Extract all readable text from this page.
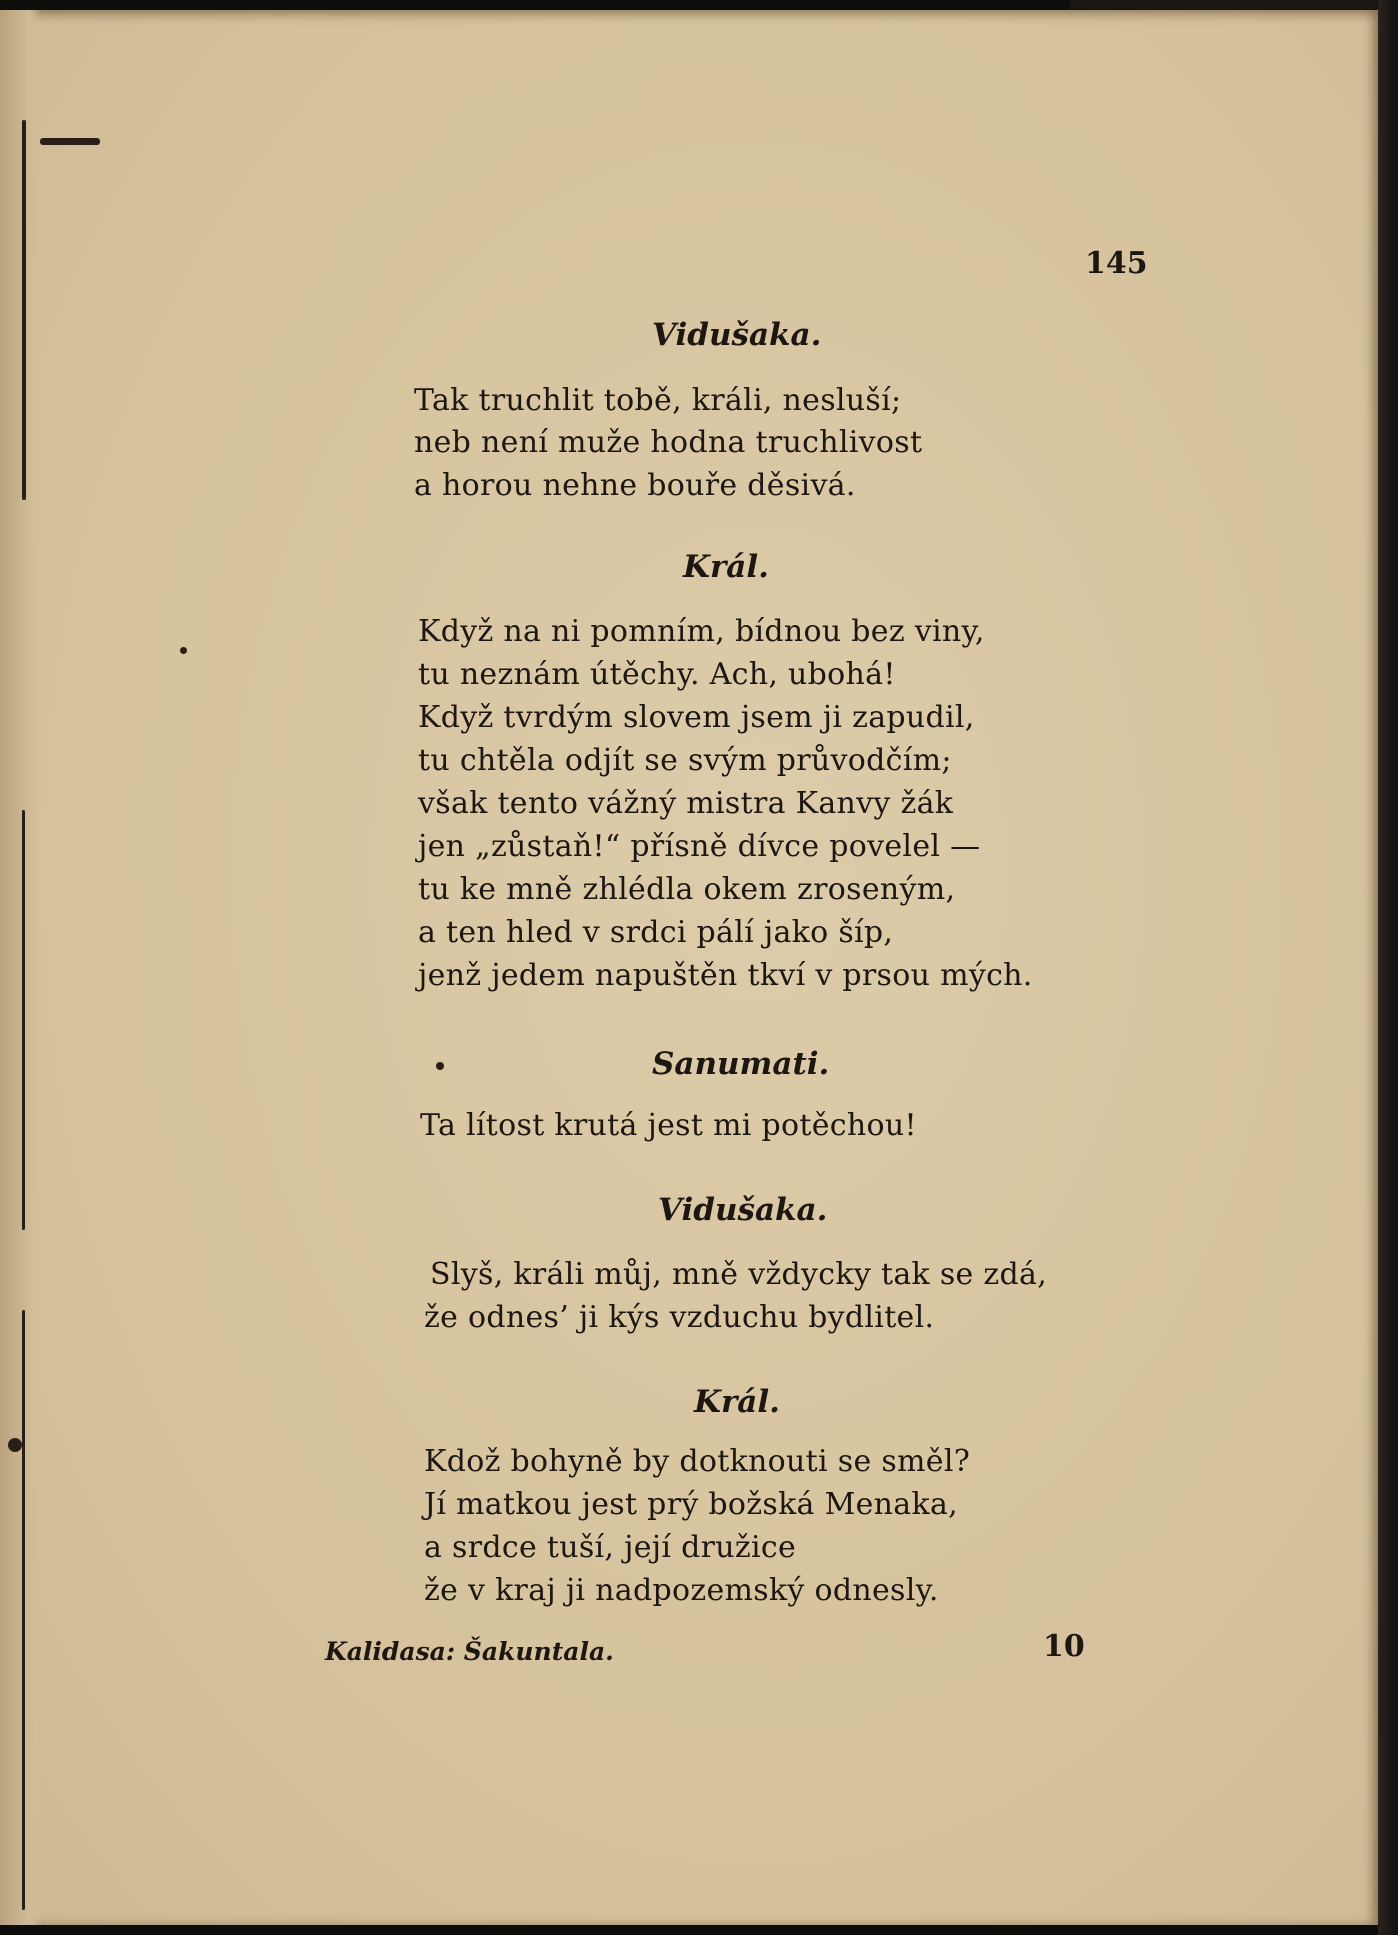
145
Vidušaka.
Tak truchlit tobě, králi, nesluší;
neb není muže hodna truchlivost
a horou nehne bouře děsivá.
Král.
Když na ni pomním, bídnou bez viny,
tu neznám útěchy. Ach, ubohá!
Když tvrdým slovem jsem ji zapudil,
tu chtěla odjít se svým průvodčím;
však tento vážný mistra Kanvy žák
jen „zůstaň!“ přísně dívce povelel —
tu ke mně zhlédla okem zroseným,
a ten hled v srdci pálí jako šíp,
jenž jedem napuštěn tkví v prsou mých.
Sanumati.
Ta lítost krutá jest mi potěchou!
Vidušaka.
Slyš, králi můj, mně vždycky tak se zdá,
že odnes’ ji kýs vzduchu bydlitel.
Král.
Kdož bohyně by dotknouti se směl?
Jí matkou jest prý božská Menaka,
a srdce tuší, její družice
že v kraj ji nadpozemský odnesly.
Kalidasa: Šakuntala.	10
